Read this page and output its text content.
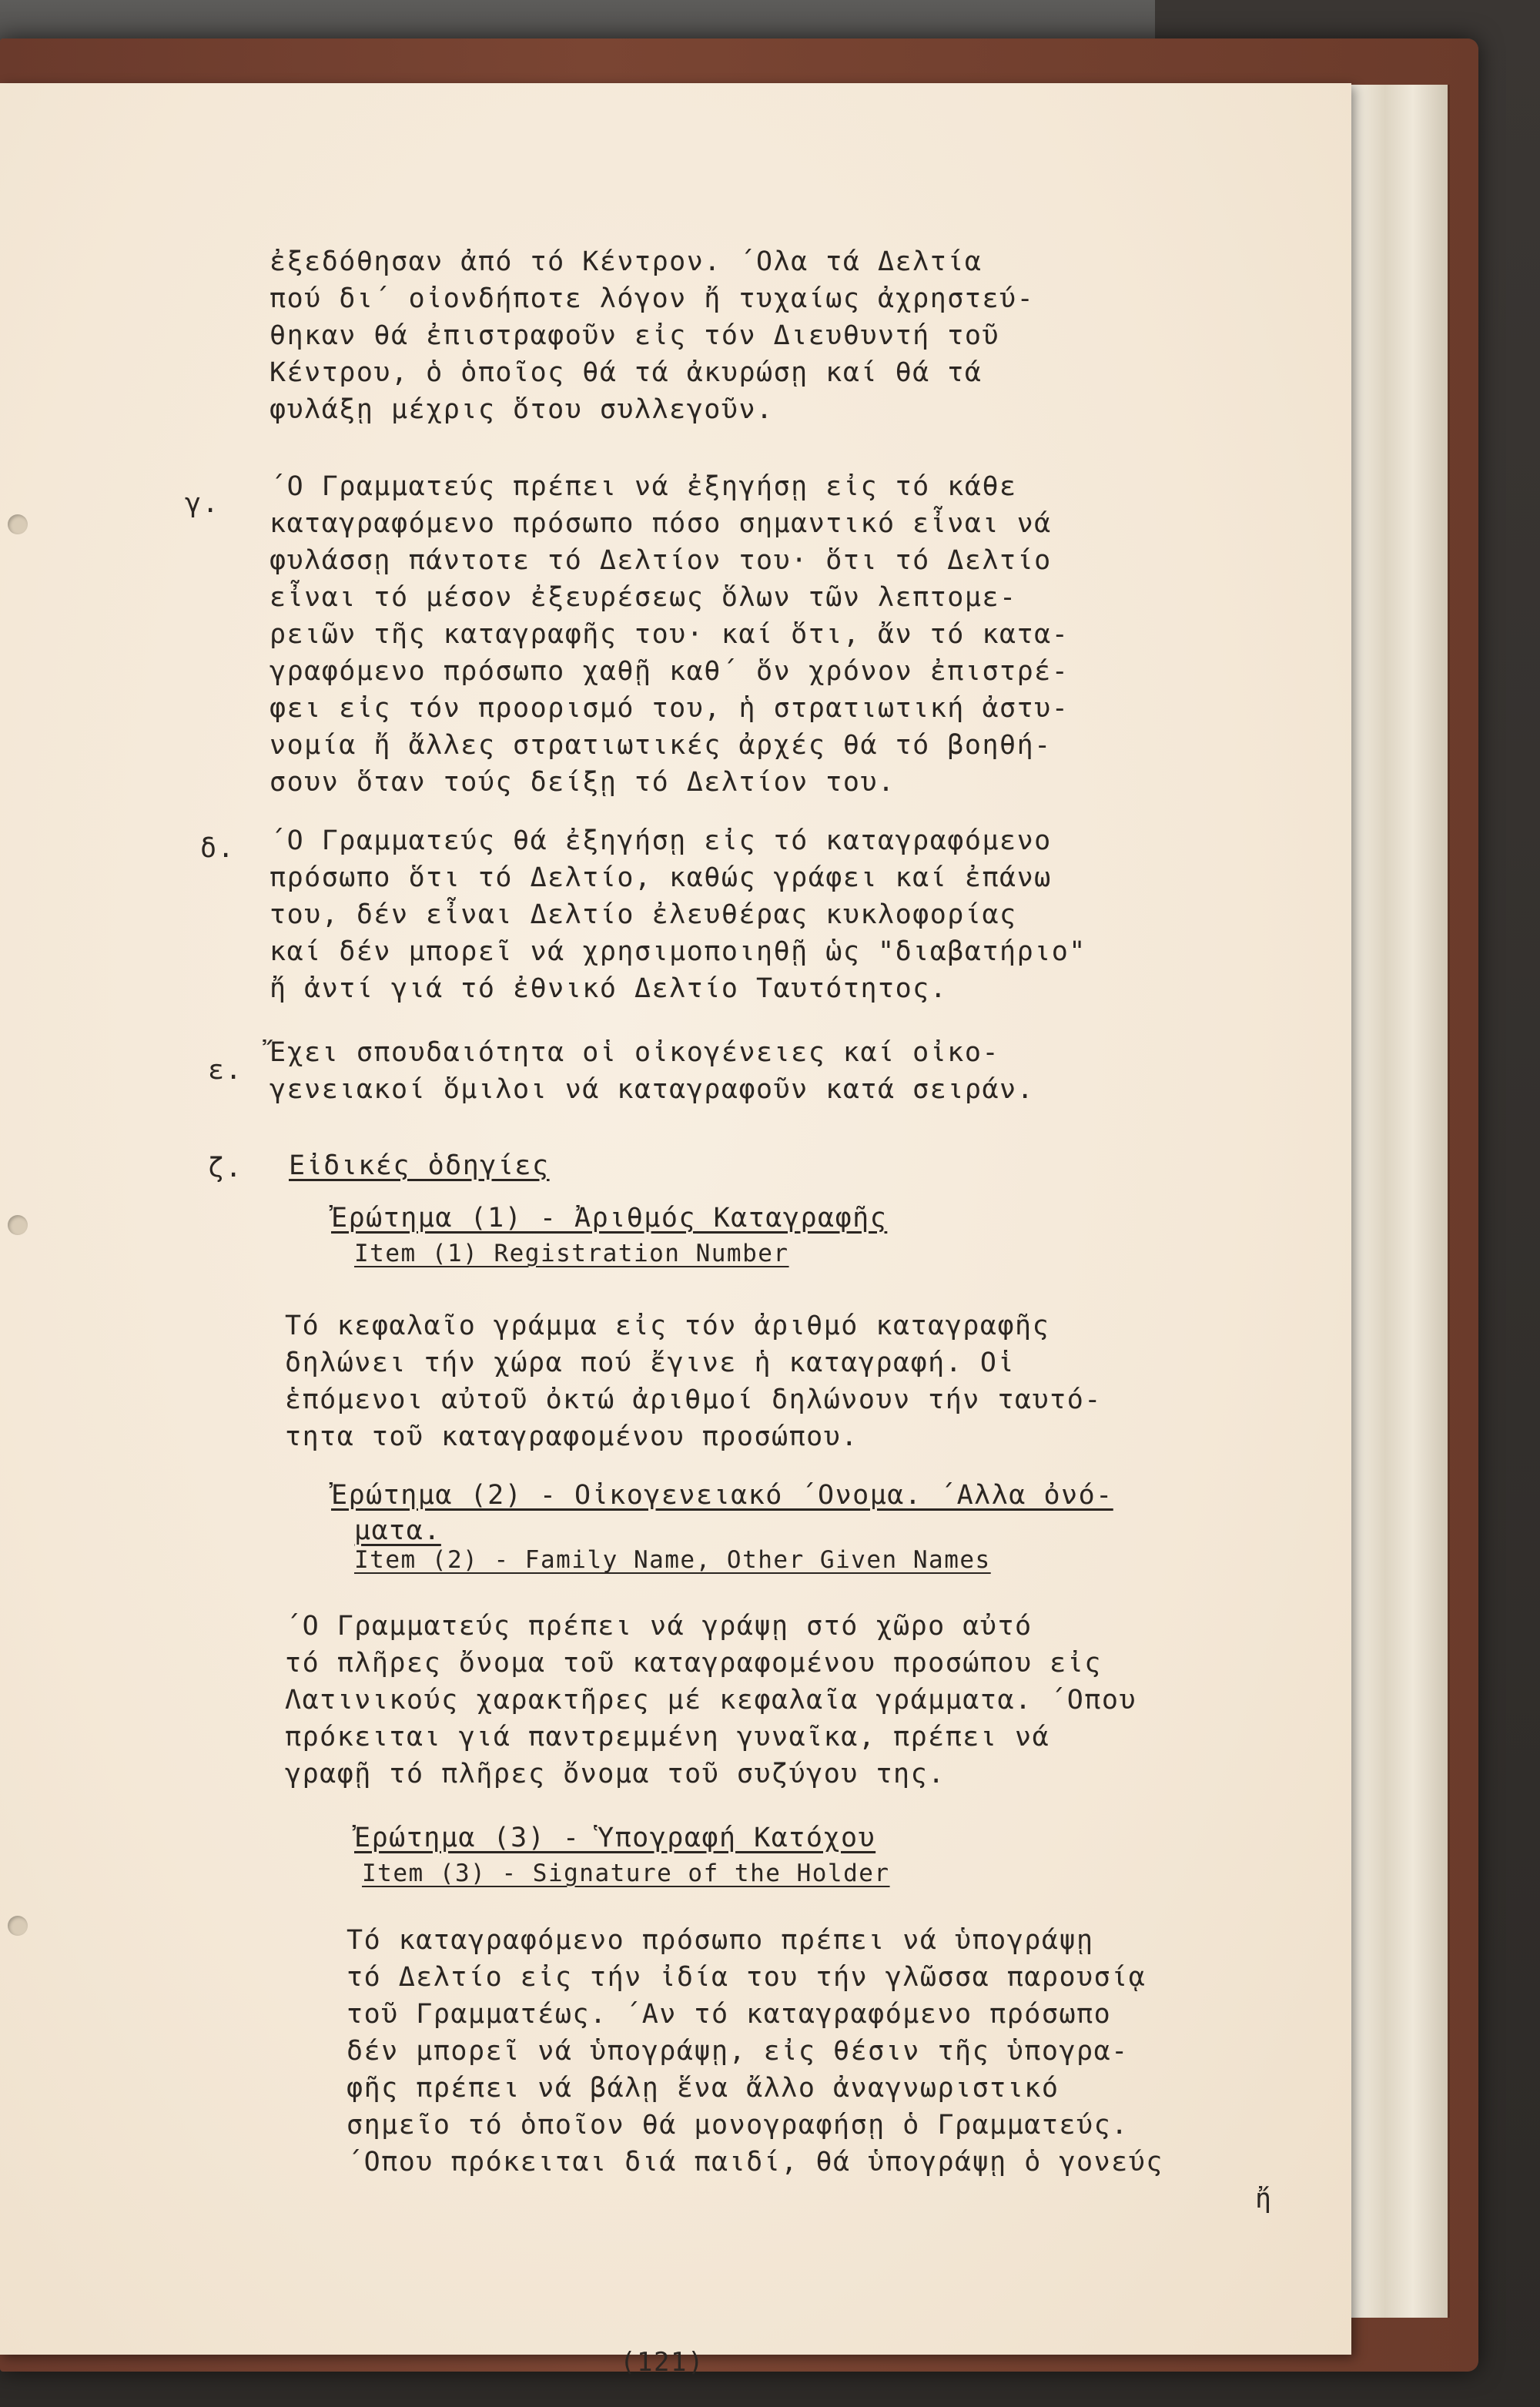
ἐξεδόθησαν ἀπό τό Κέντρον. ΄Ολα τά Δελτία
πού δι΄ οἰονδήποτε λόγον ἤ τυχαίως ἀχρηστεύ-
θηκαν θά ἐπιστραφοῦν εἰς τόν Διευθυντή τοῦ
Κέντρου, ὁ ὁποῖος θά τά ἀκυρώσῃ καί θά τά
φυλάξῃ μέχρις ὅτου συλλεγοῦν.
γ.
΄Ο Γραμματεύς πρέπει νά ἐξηγήσῃ εἰς τό κάθε
καταγραφόμενο πρόσωπο πόσο σημαντικό εἶναι νά
φυλάσσῃ πάντοτε τό Δελτίον του· ὅτι τό Δελτίο
εἶναι τό μέσον ἐξευρέσεως ὅλων τῶν λεπτομε-
ρειῶν τῆς καταγραφῆς του· καί ὅτι, ἄν τό κατα-
γραφόμενο πρόσωπο χαθῇ καθ΄ ὅν χρόνον ἐπιστρέ-
φει εἰς τόν προορισμό του, ἡ στρατιωτική ἀστυ-
νομία ἤ ἄλλες στρατιωτικές ἀρχές θά τό βοηθή-
σουν ὅταν τούς δείξῃ τό Δελτίον του.
δ. ΄Ο Γραμματεύς θά ἐξηγήσῃ εἰς τό καταγραφόμενο
πρόσωπο ὅτι τό Δελτίο, καθώς γράφει καί ἐπάνω
του, δέν εἶναι Δελτίο ἐλευθέρας κυκλοφορίας
καί δέν μπορεῖ νά χρησιμοποιηθῇ ὡς "διαβατήριο"
ἤ ἀντί γιά τό ἐθνικό Δελτίο Ταυτότητος.
ε.
Ἔχει σπουδαιότητα οἱ οἰκογένειες καί οἰκο-
γενειακοί ὅμιλοι νά καταγραφοῦν κατά σειράν.
ζ. Εἰδικές ὁδηγίες
Ἐρώτημα (1) - Ἀριθμός Καταγραφῆς
Item (1) Registration Number
Τό κεφαλαῖο γράμμα εἰς τόν ἀριθμό καταγραφῆς
δηλώνει τήν χώρα πού ἔγινε ἡ καταγραφή. Οἱ
ἑπόμενοι αὐτοῦ ὀκτώ ἀριθμοί δηλώνουν τήν ταυτό-
τητα τοῦ καταγραφομένου προσώπου.
Ἐρώτημα (2) - Οἰκογενειακό ΄Ονομα. ΄Αλλα ὀνό-
ματα.
Item (2) - Family Name, Other Given Names
΄Ο Γραμματεύς πρέπει νά γράψῃ στό χῶρο αὐτό
τό πλῆρες ὄνομα τοῦ καταγραφομένου προσώπου εἰς
Λατινικούς χαρακτῆρες μέ κεφαλαῖα γράμματα. ΄Οπου
πρόκειται γιά παντρεμμένη γυναῖκα, πρέπει νά
γραφῇ τό πλῆρες ὄνομα τοῦ συζύγου της.
Ἐρώτημα (3) - Ὑπογραφή Κατόχου
Item (3) - Signature of the Holder
Τό καταγραφόμενο πρόσωπο πρέπει νά ὑπογράψῃ
τό Δελτίο εἰς τήν ἰδία του τήν γλῶσσα παρουσίᾳ
τοῦ Γραμματέως. ΄Αν τό καταγραφόμενο πρόσωπο
δέν μπορεῖ νά ὑπογράψῃ, εἰς θέσιν τῆς ὑπογρα-
φῆς πρέπει νά βάλῃ ἕνα ἄλλο ἀναγνωριστικό
σημεῖο τό ὁποῖον θά μονογραφήσῃ ὁ Γραμματεύς.
΄Οπου πρόκειται διά παιδί, θά ὑπογράψῃ ὁ γονεύς
ἤ
(121)
